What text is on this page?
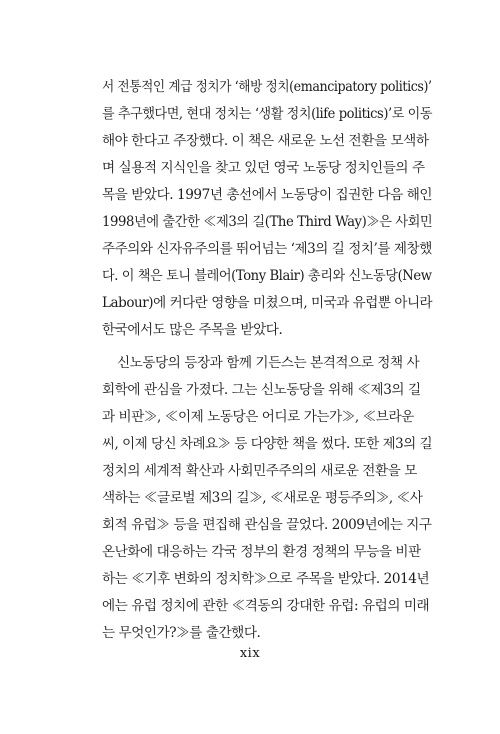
서 전통적인 계급 정치가 ‘해방 정치(emancipatory politics)’
를 추구했다면, 현대 정치는 ‘생활 정치(life politics)’로 이동
해야 한다고 주장했다. 이 책은 새로운 노선 전환을 모색하
며 실용적 지식인을 찾고 있던 영국 노동당 정치인들의 주
목을 받았다. 1997년 총선에서 노동당이 집권한 다음 해인
1998년에 출간한 ≪제3의 길(The Third Way)≫은 사회민
주주의와 신자유주의를 뛰어넘는 ‘제3의 길 정치’를 제창했
다. 이 책은 토니 블레어(Tony Blair) 총리와 신노동당(New
Labour)에 커다란 영향을 미쳤으며, 미국과 유럽뿐 아니라
한국에서도 많은 주목을 받았다.
신노동당의 등장과 함께 기든스는 본격적으로 정책 사
회학에 관심을 가졌다. 그는 신노동당을 위해 ≪제3의 길
과 비판≫, ≪이제 노동당은 어디로 가는가≫, ≪브라운
씨, 이제 당신 차례요≫ 등 다양한 책을 썼다. 또한 제3의 길
정치의 세계적 확산과 사회민주주의의 새로운 전환을 모
색하는 ≪글로벌 제3의 길≫, ≪새로운 평등주의≫, ≪사
회적 유럽≫ 등을 편집해 관심을 끌었다. 2009년에는 지구
온난화에 대응하는 각국 정부의 환경 정책의 무능을 비판
하는 ≪기후 변화의 정치학≫으로 주목을 받았다. 2014년
에는 유럽 정치에 관한 ≪격동의 강대한 유럽: 유럽의 미래
는 무엇인가?≫를 출간했다.
xix
